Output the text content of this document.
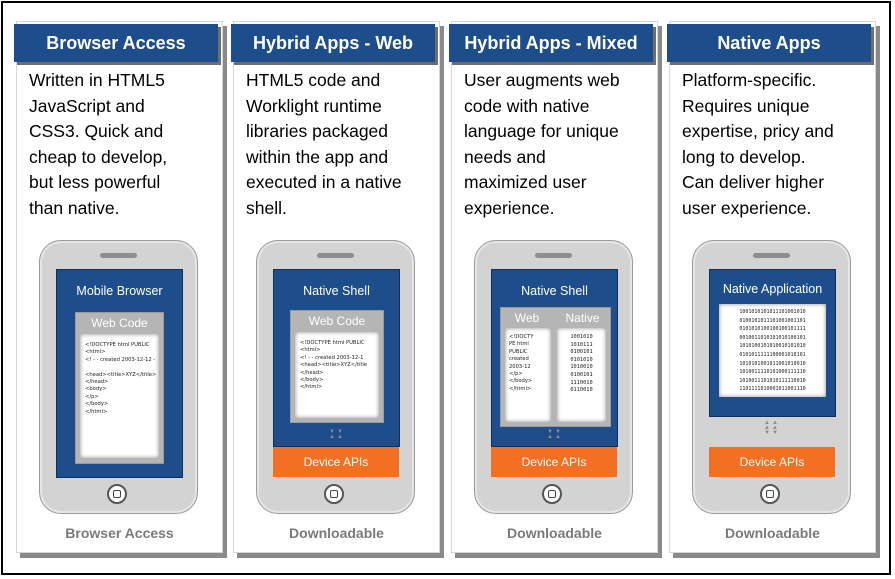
Browser Access
Written in HTML5
JavaScript and
CSS3. Quick and
cheap to develop,
but less powerful
than native.
Mobile Browser
Web Code
<!DOCTYPE html PUBLIC
<html>
<! - - created 2003-12-12 -

<head><title>XYZ</title>
</head>
<body>
</p>
</body>
</html>
Browser Access
Hybrid Apps - Web
HTML5 code and
Worklight runtime
libraries packaged
within the app and
executed in a native
shell.
Native Shell
Web Code
<!DOCTYPE html PUBLIC
<html>
<! - - created 2003-12-1
<head><title>XYZ</title
</head>
</body>
</html>
▼▼
▲▲
Device APIs
Downloadable
Hybrid Apps - Mixed
User augments web
code with native
language for unique
needs and
maximized user
experience.
Native Shell
Web	Native
<!DOCTY
PE html
PUBLIC
created
2003-12
</p>
</body>
</html>
1001010
1010111
0100101
0101010
1010010
0100101
1110010
0110010
▼▼
▲▲
Device APIs
Downloadable
Native Apps
Platform-specific.
Requires unique
expertise, pricy and
long to develop.
Can deliver higher
user experience.
Native Application
1001010101011101001010
0100101011101001001101
0101010100100100101111
0010011010101010100101
1010100101010010101010
0101011111100001010101
1010101001011001010010
1010011110101000111110
1010011101010111110010
1101111010001011001110
▲▲
▲▲
▼▼
Device APIs
Downloadable
